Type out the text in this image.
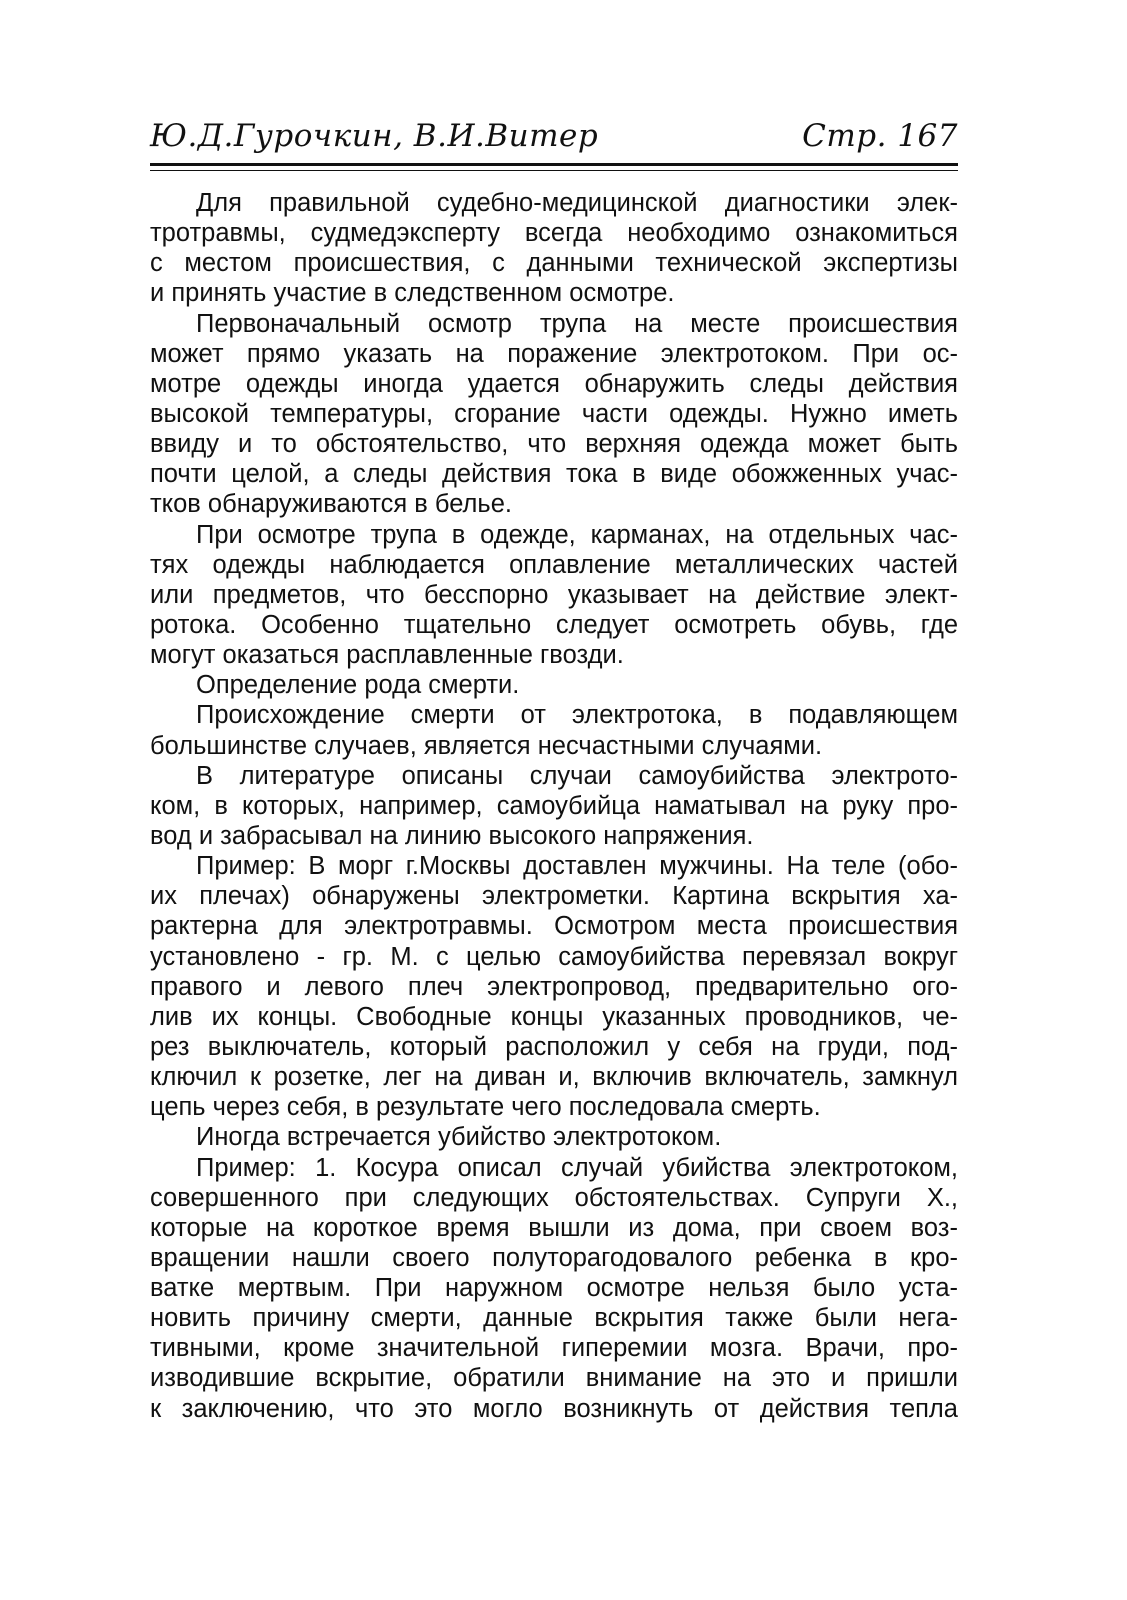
Ю.Д.Гурочкин, В.И.Витер	Стр. 167
Для правильной судебно-медицинской диагностики элек-
тротравмы, судмедэксперту всегда необходимо ознакомиться
с местом происшествия, с данными технической экспертизы
и принять участие в следственном осмотре.
Первоначальный осмотр трупа на месте происшествия
может прямо указать на поражение электротоком. При ос-
мотре одежды иногда удается обнаружить следы действия
высокой температуры, сгорание части одежды. Нужно иметь
ввиду и то обстоятельство, что верхняя одежда может быть
почти целой, а следы действия тока в виде обожженных учас-
тков обнаруживаются в белье.
При осмотре трупа в одежде, карманах, на отдельных час-
тях одежды наблюдается оплавление металлических частей
или предметов, что бесспорно указывает на действие элект-
ротока. Особенно тщательно следует осмотреть обувь, где
могут оказаться расплавленные гвозди.
Определение рода смерти.
Происхождение смерти от электротока, в подавляющем
большинстве случаев, является несчастными случаями.
В литературе описаны случаи самоубийства электрото-
ком, в которых, например, самоубийца наматывал на руку про-
вод и забрасывал на линию высокого напряжения.
Пример: В морг г.Москвы доставлен мужчины. На теле (обо-
их плечах) обнаружены электрометки. Картина вскрытия ха-
рактерна для электротравмы. Осмотром места происшествия
установлено - гр. М. с целью самоубийства перевязал вокруг
правого и левого плеч электропровод, предварительно ого-
лив их концы. Свободные концы указанных проводников, че-
рез выключатель, который расположил у себя на груди, под-
ключил к розетке, лег на диван и, включив включатель, замкнул
цепь через себя, в результате чего последовала смерть.
Иногда встречается убийство электротоком.
Пример: 1. Косура описал случай убийства электротоком,
совершенного при следующих обстоятельствах. Супруги Х.,
которые на короткое время вышли из дома, при своем воз-
вращении нашли своего полуторагодовалого ребенка в кро-
ватке мертвым. При наружном осмотре нельзя было уста-
новить причину смерти, данные вскрытия также были нега-
тивными, кроме значительной гиперемии мозга. Врачи, про-
изводившие вскрытие, обратили внимание на это и пришли
к заключению, что это могло возникнуть от действия тепла
